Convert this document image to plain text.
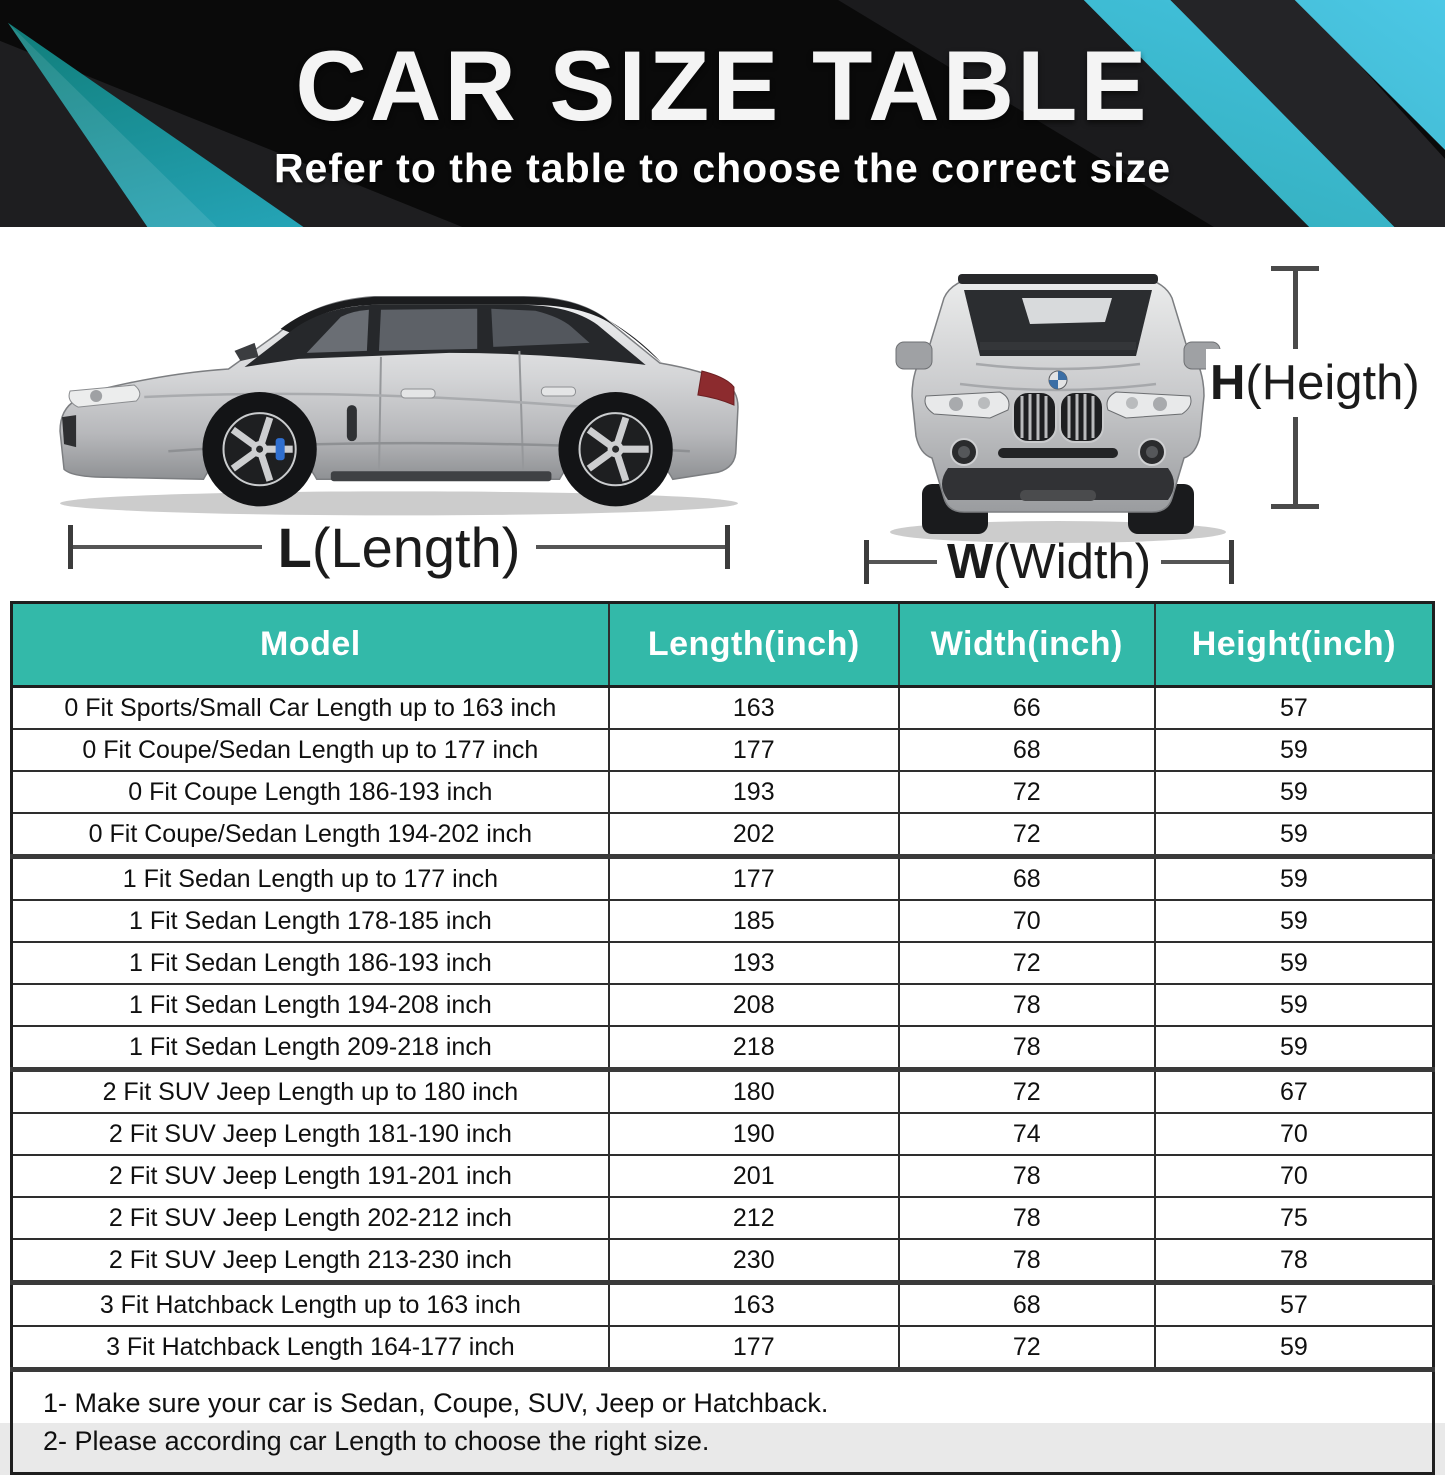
CAR SIZE TABLE

Refer to the table to choose the correct size

L(Length)	W(Width)
H(Heigth)
Model	Length(inch)	Width(inch)	Height(inch)
0 Fit Sports/Small Car Length up to 163 inch	163	66	57
0 Fit Coupe/Sedan Length up to 177 inch	177	68	59
0 Fit Coupe Length 186-193 inch	193	72	59
0 Fit Coupe/Sedan Length 194-202 inch	202	72	59
1 Fit Sedan Length up to 177 inch	177	68	59
1 Fit Sedan Length 178-185 inch	185	70	59
1 Fit Sedan Length 186-193 inch	193	72	59
1 Fit Sedan Length 194-208 inch	208	78	59
1 Fit Sedan Length 209-218 inch	218	78	59
2 Fit SUV Jeep Length up to 180 inch	180	72	67
2 Fit SUV Jeep Length 181-190 inch	190	74	70
2 Fit SUV Jeep Length 191-201 inch	201	78	70
2 Fit SUV Jeep Length 202-212 inch	212	78	75
2 Fit SUV Jeep Length 213-230 inch	230	78	78
3 Fit Hatchback Length up to 163 inch	163	68	57
3 Fit Hatchback Length 164-177 inch	177	72	59

1- Make sure your car is Sedan, Coupe, SUV, Jeep or Hatchback.

2- Please according car Length to choose the right size.			
